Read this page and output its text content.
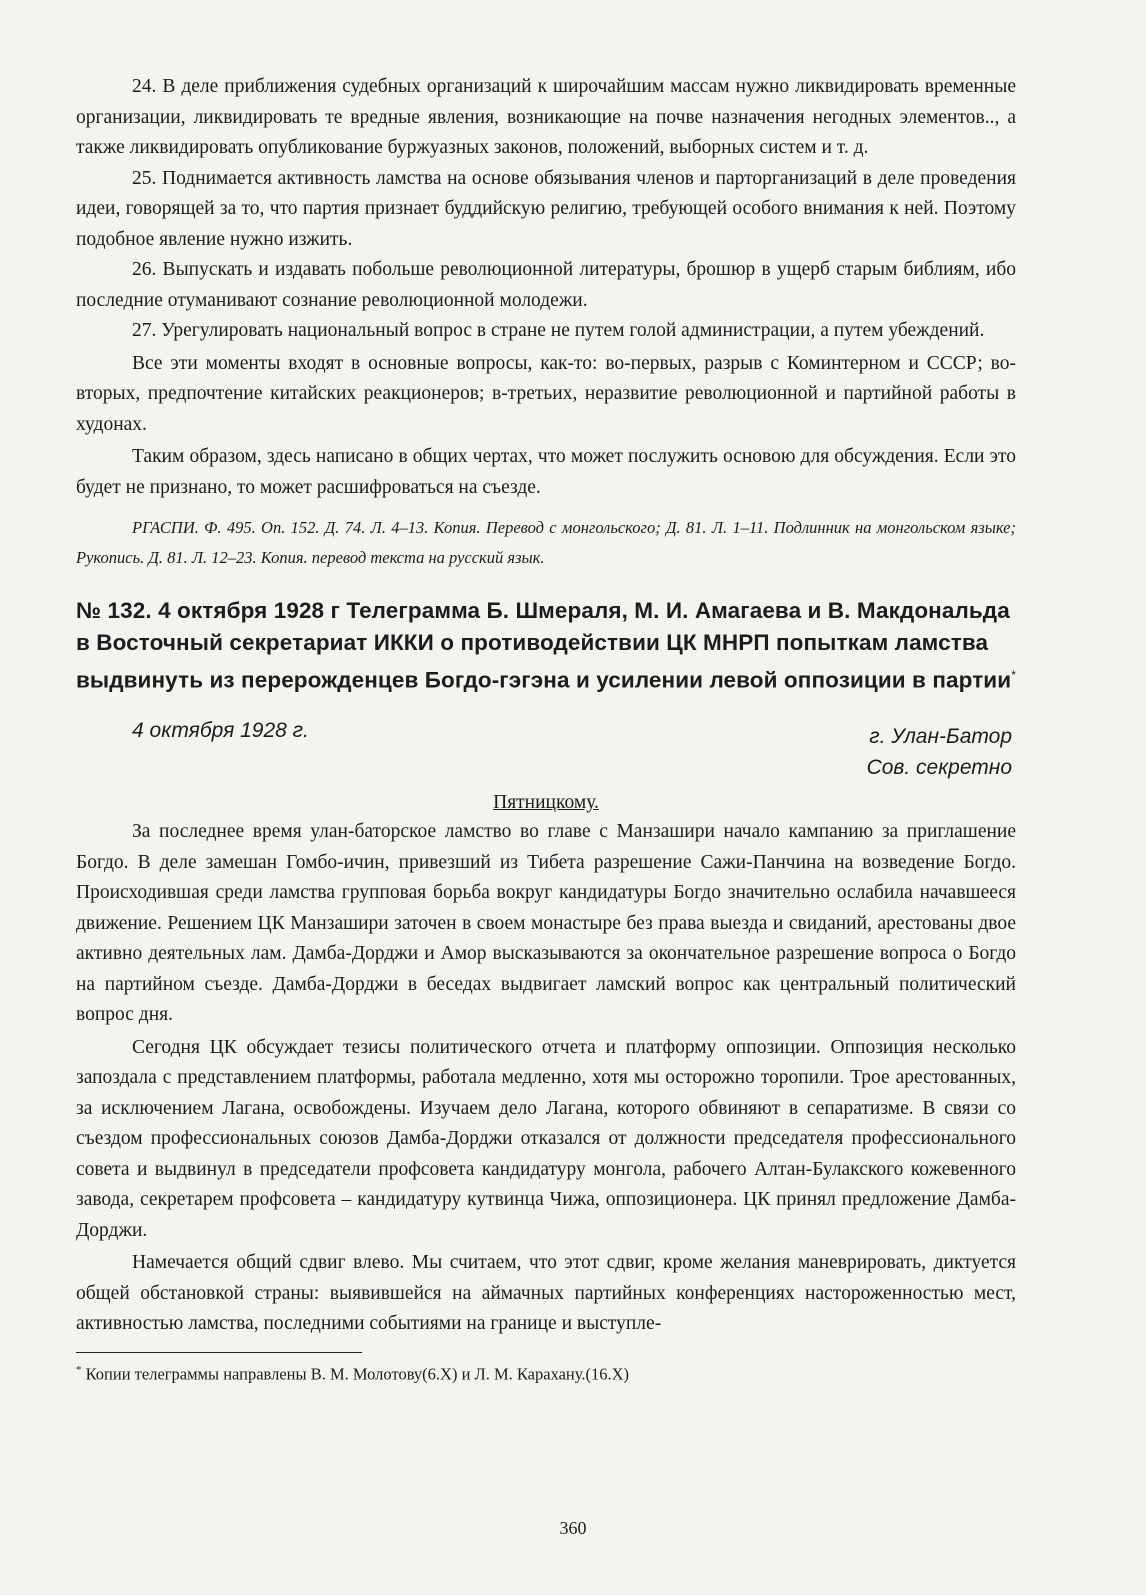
24. В деле приближения судебных организаций к широчайшим массам нужно ликвидировать временные организации, ликвидировать те вредные явления, возникающие на почве назначения негодных элементов.., а также ликвидировать опубликование буржуазных законов, положений, выборных систем и т. д.

25. Поднимается активность ламства на основе обязывания членов и парторганизаций в деле проведения идеи, говорящей за то, что партия признает буддийскую религию, требующей особого внимания к ней. Поэтому подобное явление нужно изжить.

26. Выпускать и издавать побольше революционной литературы, брошюр в ущерб старым библиям, ибо последние отуманивают сознание революционной молодежи.

27. Урегулировать национальный вопрос в стране не путем голой администрации, а путем убеждений.

Все эти моменты входят в основные вопросы, как-то: во-первых, разрыв с Коминтерном и СССР; во-вторых, предпочтение китайских реакционеров; в-третьих, неразвитие революционной и партийной работы в худонах.

Таким образом, здесь написано в общих чертах, что может послужить основою для обсуждения. Если это будет не признано, то может расшифроваться на съезде.

РГАСПИ. Ф. 495. Оп. 152. Д. 74. Л. 4–13. Копия. Перевод с монгольского; Д. 81. Л. 1–11. Подлинник на монгольском языке; Рукопись. Д. 81. Л. 12–23. Копия. перевод текста на русский язык.

№ 132. 4 октября 1928 г Телеграмма Б. Шмераля, М. И. Амагаева и В. Макдональда в Восточный секретариат ИККИ о противодействии ЦК МНРП попыткам ламства выдвинуть из перерожденцев Богдо-гэгэна и усилении левой оппозиции в партии*
4 октября 1928 г.	г. Улан-Батор
Сов. секретно

Пятницкому.

За последнее время улан-баторское ламство во главе с Манзашири начало кампанию за приглашение Богдо. В деле замешан Гомбо-ичин, привезший из Тибета разрешение Сажи-Панчина на возведение Богдо. Происходившая среди ламства групповая борьба вокруг кандидатуры Богдо значительно ослабила начавшееся движение. Решением ЦК Манзашири заточен в своем монастыре без права выезда и свиданий, арестованы двое активно деятельных лам. Дамба-Дорджи и Амор высказываются за окончательное разрешение вопроса о Богдо на партийном съезде. Дамба-Дорджи в беседах выдвигает ламский вопрос как центральный политический вопрос дня.

Сегодня ЦК обсуждает тезисы политического отчета и платформу оппозиции. Оппозиция несколько запоздала с представлением платформы, работала медленно, хотя мы осторожно торопили. Трое арестованных, за исключением Лагана, освобождены. Изучаем дело Лагана, которого обвиняют в сепаратизме. В связи со съездом профессиональных союзов Дамба-Дорджи отказался от должности председателя профессионального совета и выдвинул в председатели профсовета кандидатуру монгола, рабочего Алтан-Булакского кожевенного завода, секретарем профсовета – кандидатуру кутвинца Чижа, оппозиционера. ЦК принял предложение Дамба-Дорджи.

Намечается общий сдвиг влево. Мы считаем, что этот сдвиг, кроме желания маневрировать, диктуется общей обстановкой страны: выявившейся на аймачных партийных конференциях настороженностью мест, активностью ламства, последними событиями на границе и выступле-

* Копии телеграммы направлены В. М. Молотову(6.X) и Л. М. Карахану.(16.X)

360
